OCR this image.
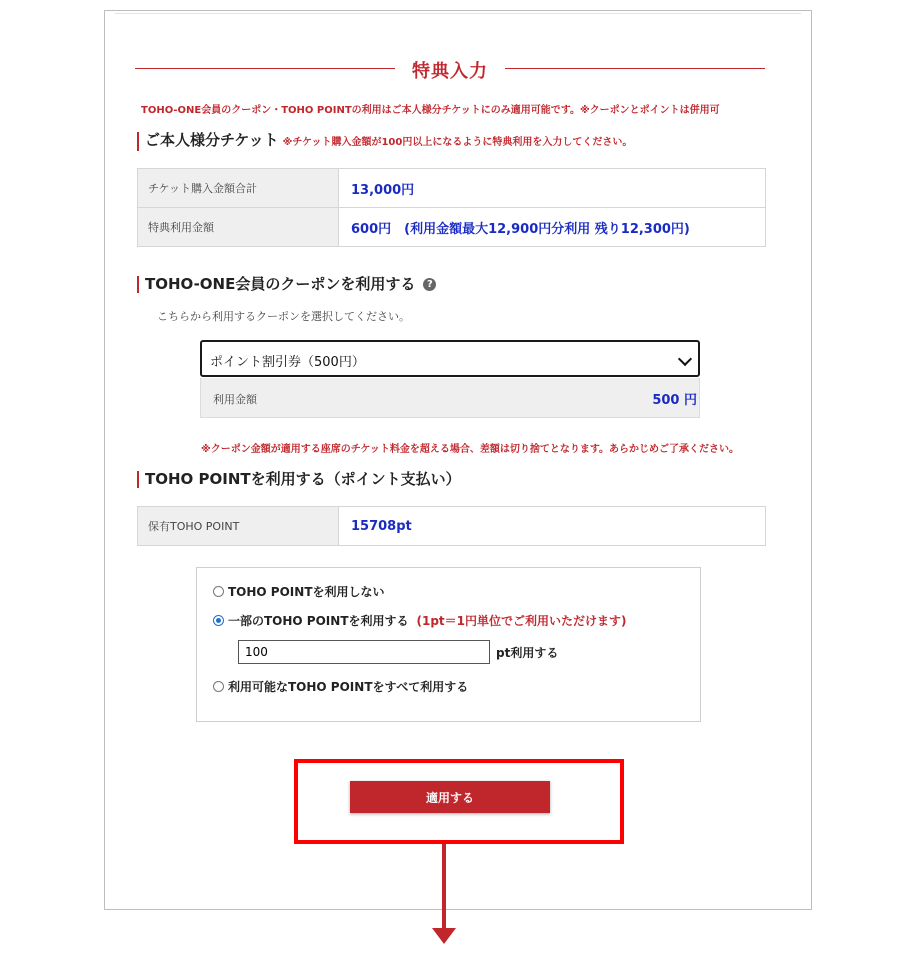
特典入力
TOHO-ONE会員のクーポン・TOHO POINTの利用はご本人様分チケットにのみ適用可能です。※クーポンとポイントは併用可
ご本人様分チケット ※チケット購入金額が100円以上になるように特典利用を入力してください。
チケット購入金額合計	13,000円
特典利用金額	600円　(利用金額最大12,900円分利用 残り12,300円)
TOHO-ONE会員のクーポンを利用する ?
こちらから利用するクーポンを選択してください。
ポイント割引券（500円）
利用金額	500 円
※クーポン金額が適用する座席のチケット料金を超える場合、差額は切り捨てとなります。あらかじめご了承ください。
TOHO POINTを利用する（ポイント支払い）
保有TOHO POINT	15708pt
TOHO POINTを利用しない
一部のTOHO POINTを利用する (1pt＝1円単位でご利用いただけます)
100
pt利用する
利用可能なTOHO POINTをすべて利用する
適用する
